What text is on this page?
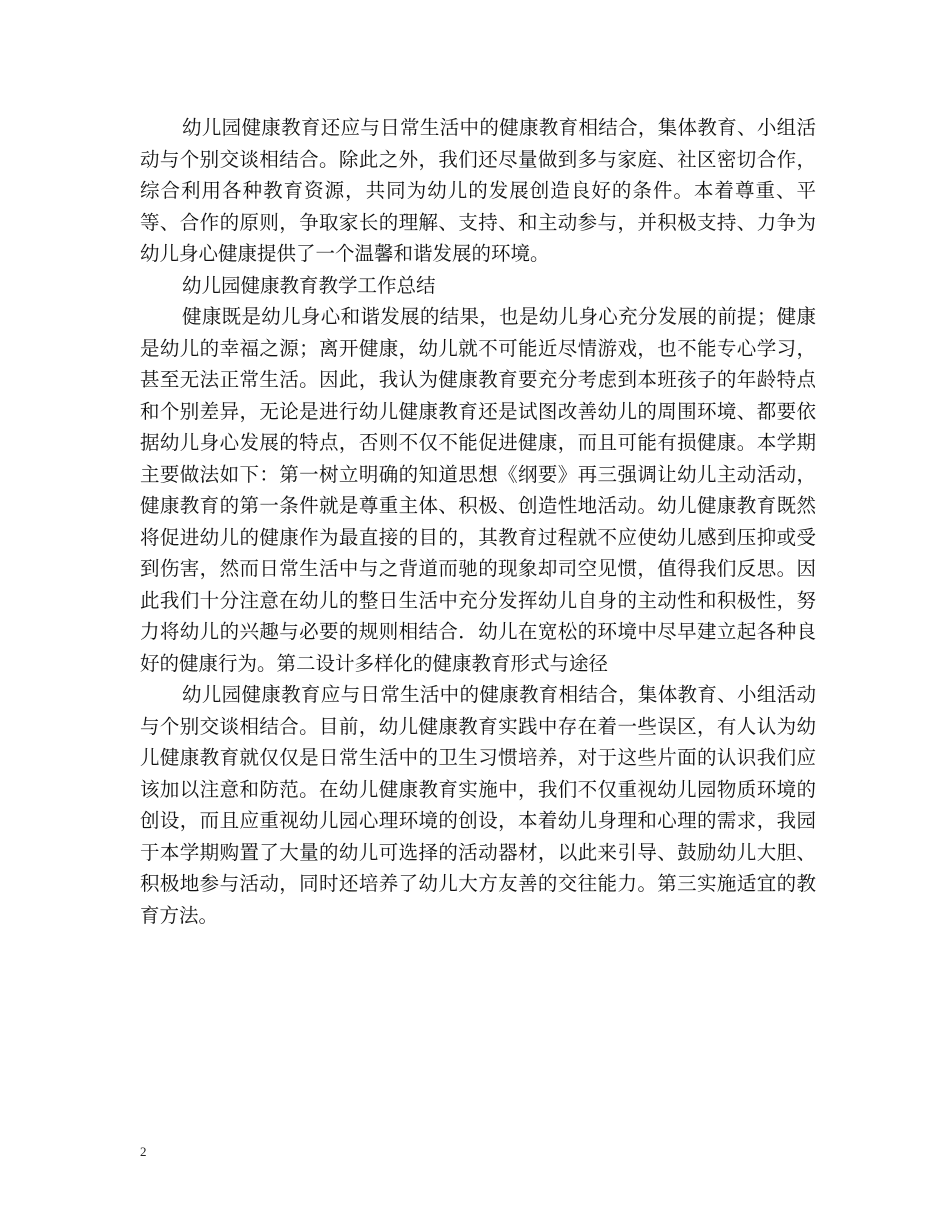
幼儿园健康教育还应与日常生活中的健康教育相结合，集体教育、小组活动与个别交谈相结合。除此之外，我们还尽量做到多与家庭、社区密切合作，综合利用各种教育资源，共同为幼儿的发展创造良好的条件。本着尊重、平等、合作的原则，争取家长的理解、支持、和主动参与，并积极支持、力争为幼儿身心健康提供了一个温馨和谐发展的环境。

幼儿园健康教育教学工作总结

健康既是幼儿身心和谐发展的结果，也是幼儿身心充分发展的前提；健康是幼儿的幸福之源；离开健康，幼儿就不可能近尽情游戏，也不能专心学习，甚至无法正常生活。因此，我认为健康教育要充分考虑到本班孩子的年龄特点和个别差异，无论是进行幼儿健康教育还是试图改善幼儿的周围环境、都要依据幼儿身心发展的特点，否则不仅不能促进健康，而且可能有损健康。本学期主要做法如下：第一树立明确的知道思想《纲要》再三强调让幼儿主动活动，健康教育的第一条件就是尊重主体、积极、创造性地活动。幼儿健康教育既然将促进幼儿的健康作为最直接的目的，其教育过程就不应使幼儿感到压抑或受到伤害，然而日常生活中与之背道而驰的现象却司空见惯，值得我们反思。因此我们十分注意在幼儿的整日生活中充分发挥幼儿自身的主动性和积极性，努力将幼儿的兴趣与必要的规则相结合．幼儿在宽松的环境中尽早建立起各种良好的健康行为。第二设计多样化的健康教育形式与途径

幼儿园健康教育应与日常生活中的健康教育相结合，集体教育、小组活动与个别交谈相结合。目前，幼儿健康教育实践中存在着一些误区，有人认为幼儿健康教育就仅仅是日常生活中的卫生习惯培养，对于这些片面的认识我们应该加以注意和防范。在幼儿健康教育实施中，我们不仅重视幼儿园物质环境的创设，而且应重视幼儿园心理环境的创设，本着幼儿身理和心理的需求，我园于本学期购置了大量的幼儿可选择的活动器材，以此来引导、鼓励幼儿大胆、积极地参与活动，同时还培养了幼儿大方友善的交往能力。第三实施适宜的教育方法。

2
